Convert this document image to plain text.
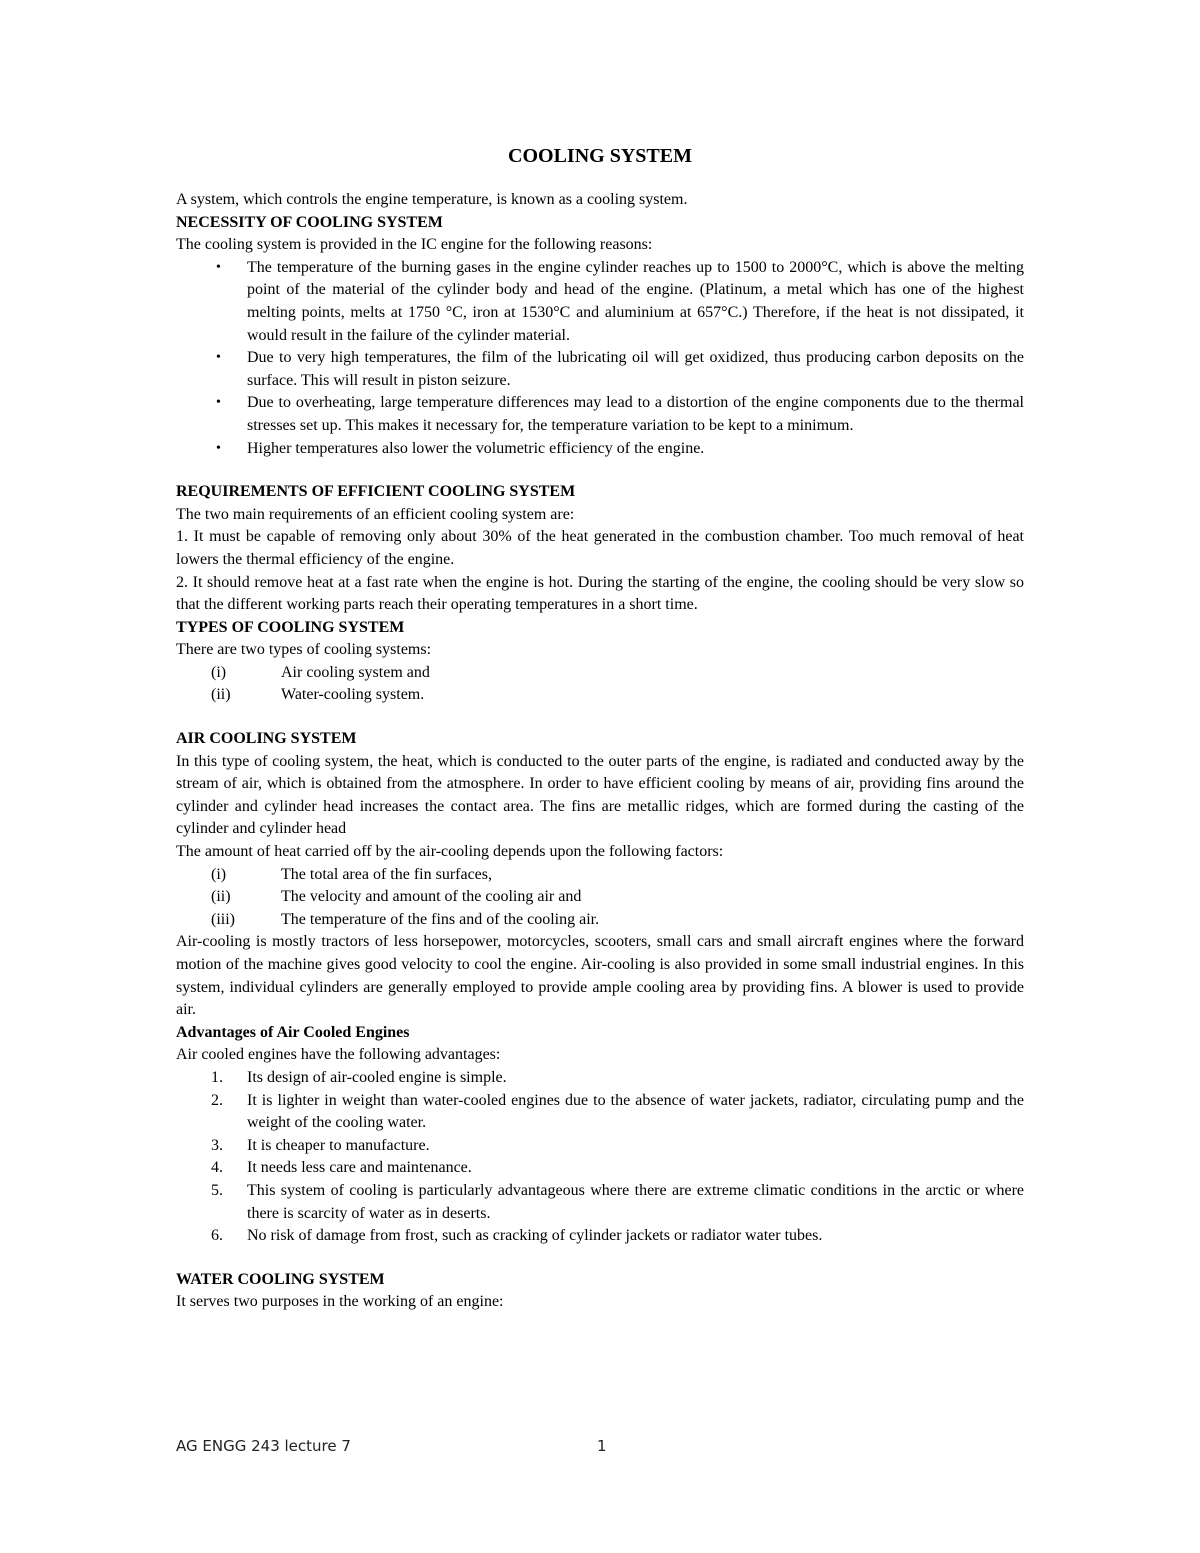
COOLING SYSTEM

A system, which controls the engine temperature, is known as a cooling system.

NECESSITY OF COOLING SYSTEM

The cooling system is provided in the IC engine for the following reasons:

• The temperature of the burning gases in the engine cylinder reaches up to 1500 to 2000°C, which is above the melting point of the material of the cylinder body and head of the engine. (Platinum, a metal which has one of the highest melting points, melts at 1750 °C, iron at 1530°C and aluminium at 657°C.) Therefore, if the heat is not dissipated, it would result in the failure of the cylinder material.
• Due to very high temperatures, the film of the lubricating oil will get oxidized, thus producing carbon deposits on the surface. This will result in piston seizure.
• Due to overheating, large temperature differences may lead to a distortion of the engine components due to the thermal stresses set up. This makes it necessary for, the temperature variation to be kept to a minimum.
• Higher temperatures also lower the volumetric efficiency of the engine.

REQUIREMENTS OF EFFICIENT COOLING SYSTEM

The two main requirements of an efficient cooling system are:

1. It must be capable of removing only about 30% of the heat generated in the combustion chamber. Too much removal of heat lowers the thermal efficiency of the engine.

2. It should remove heat at a fast rate when the engine is hot. During the starting of the engine, the cooling should be very slow so that the different working parts reach their operating temperatures in a short time.

TYPES OF COOLING SYSTEM

There are two types of cooling systems:

(i)	Air cooling system and
(ii)	Water-cooling system.

AIR COOLING SYSTEM

In this type of cooling system, the heat, which is conducted to the outer parts of the engine, is radiated and conducted away by the stream of air, which is obtained from the atmosphere. In order to have efficient cooling by means of air, providing fins around the cylinder and cylinder head increases the contact area. The fins are metallic ridges, which are formed during the casting of the cylinder and cylinder head

The amount of heat carried off by the air-cooling depends upon the following factors:

(i)	The total area of the fin surfaces,
(ii)	The velocity and amount of the cooling air and
(iii)	The temperature of the fins and of the cooling air.

Air-cooling is mostly tractors of less horsepower, motorcycles, scooters, small cars and small aircraft engines where the forward motion of the machine gives good velocity to cool the engine. Air-cooling is also provided in some small industrial engines. In this system, individual cylinders are generally employed to provide ample cooling area by providing fins. A blower is used to provide air.

Advantages of Air Cooled Engines

Air cooled engines have the following advantages:

1.	Its design of air-cooled engine is simple.
2.	It is lighter in weight than water-cooled engines due to the absence of water jackets, radiator, circulating pump and the weight of the cooling water.
3.	It is cheaper to manufacture.
4.	It needs less care and maintenance.
5.	This system of cooling is particularly advantageous where there are extreme climatic conditions in the arctic or where there is scarcity of water as in deserts.
6.	No risk of damage from frost, such as cracking of cylinder jackets or radiator water tubes.

WATER COOLING SYSTEM

It serves two purposes in the working of an engine:

AG ENGG 243 lecture 7	1
